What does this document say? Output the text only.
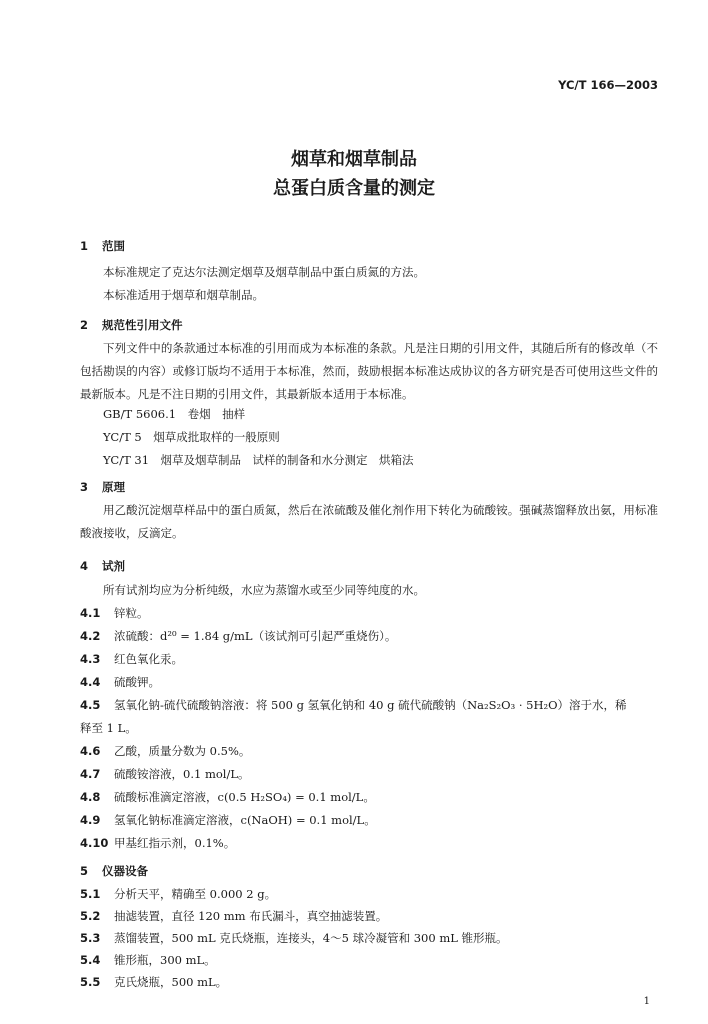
YC/T 166—2003
烟草和烟草制品
总蛋白质含量的测定
1 范围
本标准规定了克达尔法测定烟草及烟草制品中蛋白质氮的方法。
本标准适用于烟草和烟草制品。
2 规范性引用文件
下列文件中的条款通过本标准的引用而成为本标准的条款。凡是注日期的引用文件，其随后所有的修改单（不包括勘误的内容）或修订版均不适用于本标准，然而，鼓励根据本标准达成协议的各方研究是否可使用这些文件的最新版本。凡是不注日期的引用文件，其最新版本适用于本标准。
GB/T 5606.1　卷烟　抽样
YC/T 5　烟草成批取样的一般原则
YC/T 31　烟草及烟草制品　试样的制备和水分测定　烘箱法
3 原理
用乙酸沉淀烟草样品中的蛋白质氮，然后在浓硫酸及催化剂作用下转化为硫酸铵。强碱蒸馏释放出氨，用标准酸液接收，反滴定。
4 试剂
所有试剂均应为分析纯级，水应为蒸馏水或至少同等纯度的水。
4.1 锌粒。
4.2 浓硫酸：d²⁰ = 1.84 g/mL（该试剂可引起严重烧伤）。
4.3 红色氧化汞。
4.4 硫酸钾。
4.5 氢氧化钠-硫代硫酸钠溶液：将 500 g 氢氧化钠和 40 g 硫代硫酸钠（Na₂S₂O₃ · 5H₂O）溶于水，稀
释至 1 L。
4.6 乙酸，质量分数为 0.5%。
4.7 硫酸铵溶液，0.1 mol/L。
4.8 硫酸标准滴定溶液，c(0.5 H₂SO₄) = 0.1 mol/L。
4.9 氢氧化钠标准滴定溶液，c(NaOH) = 0.1 mol/L。
4.10 甲基红指示剂，0.1%。
5 仪器设备
5.1 分析天平，精确至 0.000 2 g。
5.2 抽滤装置，直径 120 mm 布氏漏斗，真空抽滤装置。
5.3 蒸馏装置，500 mL 克氏烧瓶，连接头，4～5 球冷凝管和 300 mL 锥形瓶。
5.4 锥形瓶，300 mL。
5.5 克氏烧瓶，500 mL。
1
